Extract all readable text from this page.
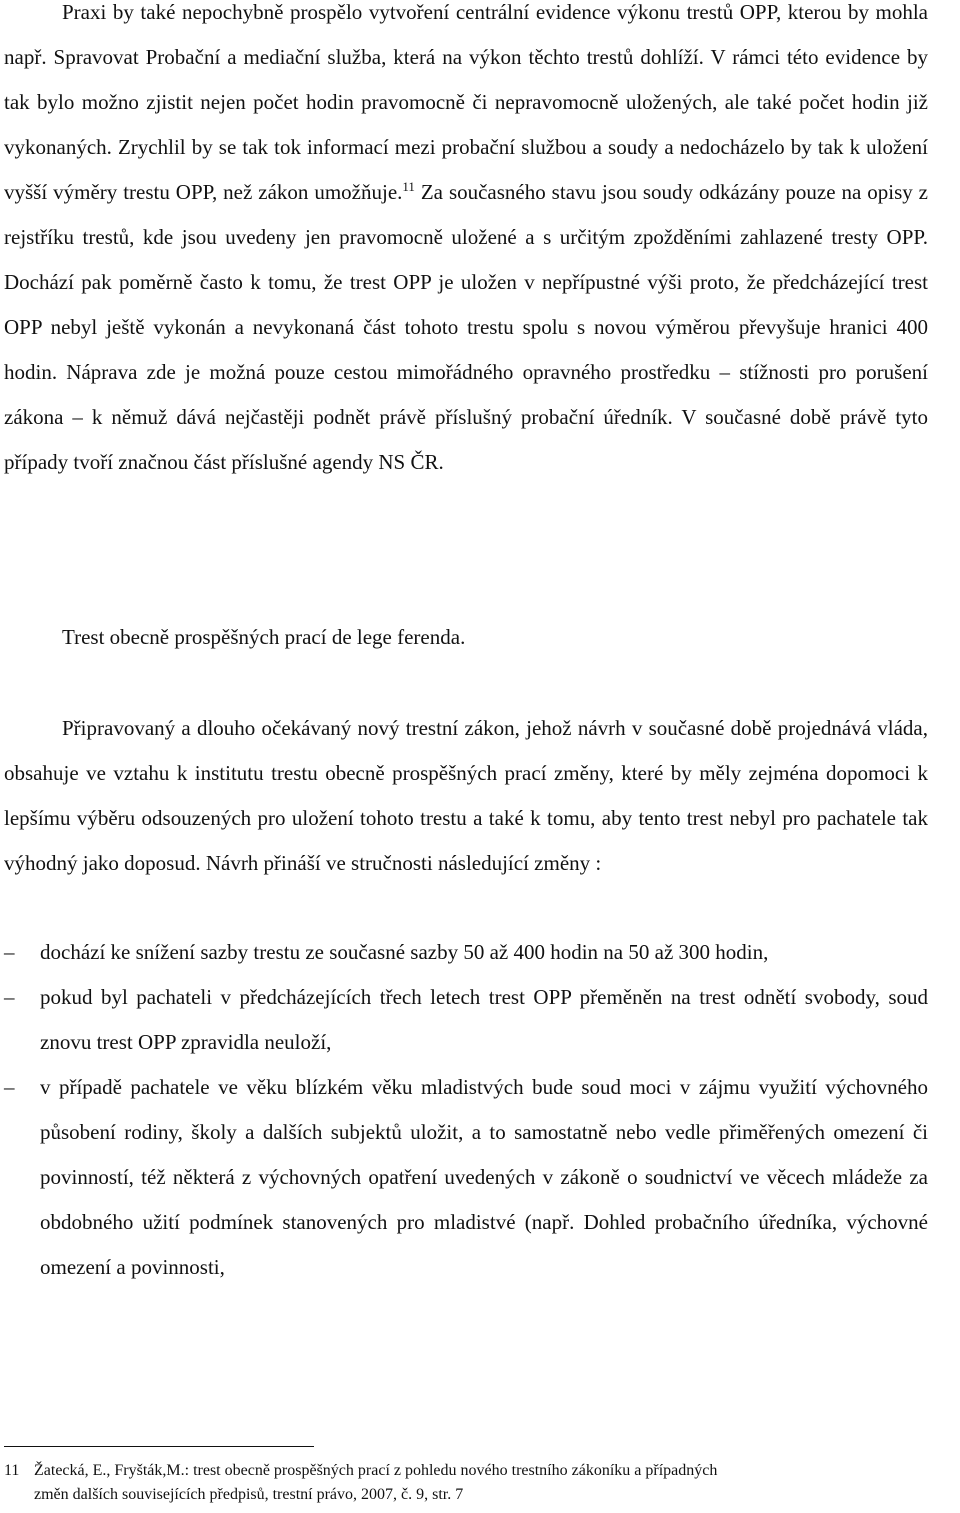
Praxi by také nepochybně prospělo vytvoření centrální evidence výkonu trestů OPP, kterou by mohla např. Spravovat Probační a mediační služba, která na výkon těchto trestů dohlíží. V rámci této evidence by tak bylo možno zjistit nejen počet hodin pravomocně či nepravomocně uložených, ale také počet hodin již vykonaných. Zrychlil by se tak tok informací mezi probační službou a soudy a nedocházelo by tak k uložení vyšší výměry trestu OPP, než zákon umožňuje.$^{11}$ Za současného stavu jsou soudy odkázány pouze na opisy z rejstříku trestů, kde jsou uvedeny jen pravomocně uložené a s určitým zpožděními zahlazené tresty OPP. Dochází pak poměrně často k tomu, že trest OPP je uložen v nepřípustné výši proto, že předcházející trest OPP nebyl ještě vykonán a nevykonaná část tohoto trestu spolu s novou výměrou převyšuje hranici 400 hodin. Náprava zde je možná pouze cestou mimořádného opravného prostředku – stížnosti pro porušení zákona – k němuž dává nejčastěji podnět právě příslušný probační úředník. V současné době právě tyto případy tvoří značnou část příslušné agendy NS ČR.

Trest obecně prospěšných prací de lege ferenda.

Připravovaný a dlouho očekávaný nový trestní zákon, jehož návrh v současné době projednává vláda, obsahuje ve vztahu k institutu trestu obecně prospěšných prací změny, které by měly zejména dopomoci k lepšímu výběru odsouzených pro uložení tohoto trestu a také k tomu, aby tento trest nebyl pro pachatele tak výhodný jako doposud. Návrh přináší ve stručnosti následující změny :

–	dochází ke snížení sazby trestu ze současné sazby 50 až 400 hodin na 50 až 300 hodin,
–	pokud byl pachateli v předcházejících třech letech trest OPP přeměněn na trest odnětí svobody, soud znovu trest OPP zpravidla neuloží,
–	v případě pachatele ve věku blízkém věku mladistvých bude soud moci v zájmu využití výchovného působení rodiny, školy a dalších subjektů uložit, a to samostatně nebo vedle přiměřených omezení či povinností, též některá z výchovných opatření uvedených v zákoně o soudnictví ve věcech mládeže za obdobného užití podmínek stanovených pro mladistvé (např. Dohled probačního úředníka, výchovné omezení a povinnosti,
11 Žatecká, E., Fryšták,M.: trest obecně prospěšných prací z pohledu nového trestního zákoníku a případných
změn dalších souvisejících předpisů, trestní právo, 2007, č. 9, str. 7
